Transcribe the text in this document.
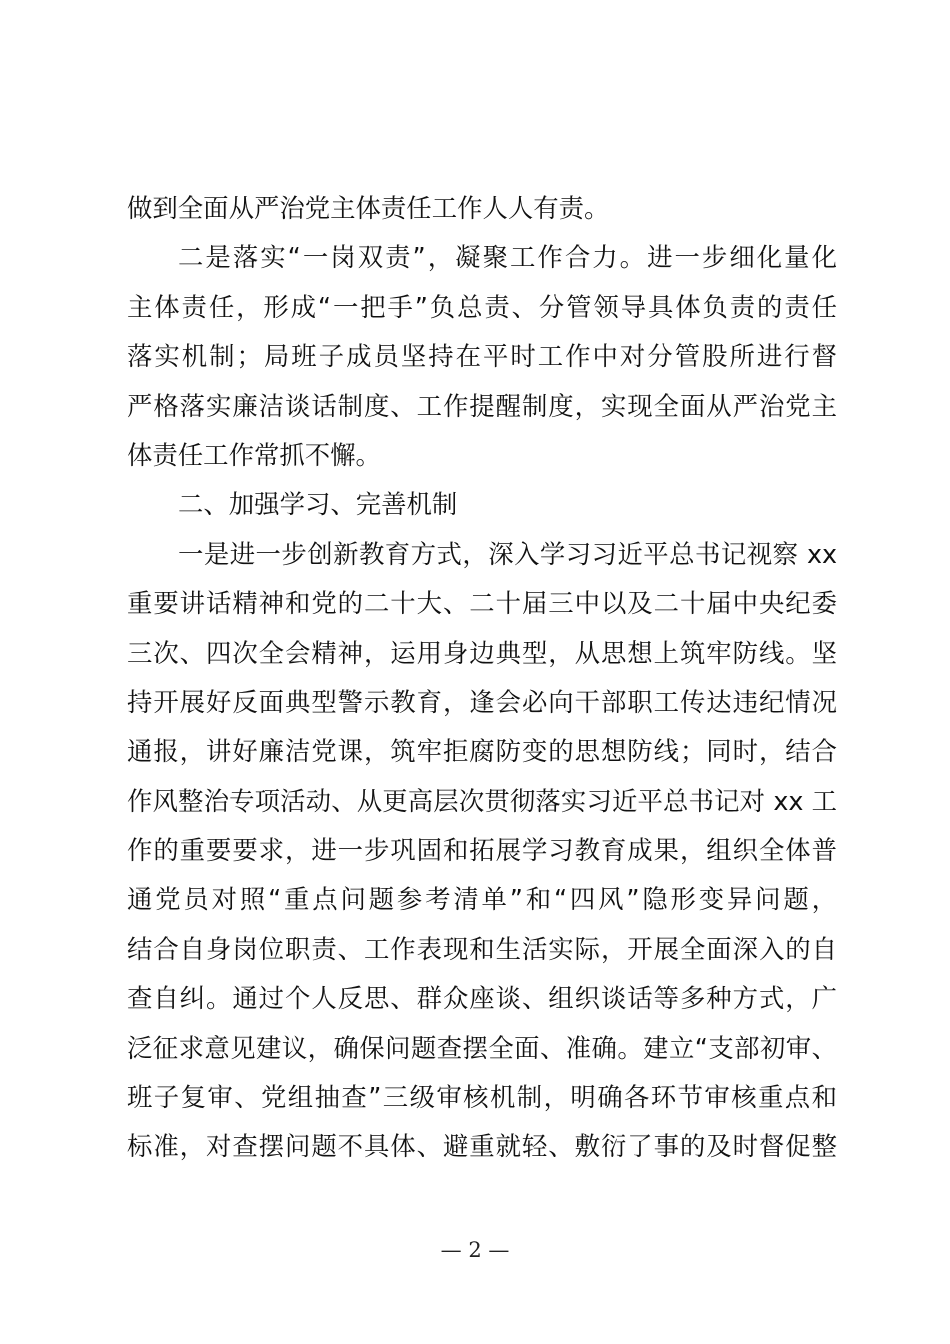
做到全面从严治党主体责任工作人人有责。
二是落实“一岗双责”，凝聚工作合力。进一步细化量化
主体责任，形成“一把手”负总责、分管领导具体负责的责任
落实机制；局班子成员坚持在平时工作中对分管股所进行督
严格落实廉洁谈话制度、工作提醒制度，实现全面从严治党主
体责任工作常抓不懈。
二、加强学习、完善机制
一是进一步创新教育方式，深入学习习近平总书记视察 xx
重要讲话精神和党的二十大、二十届三中以及二十届中央纪委
三次、四次全会精神，运用身边典型，从思想上筑牢防线。坚
持开展好反面典型警示教育，逢会必向干部职工传达违纪情况
通报，讲好廉洁党课，筑牢拒腐防变的思想防线；同时，结合
作风整治专项活动、从更高层次贯彻落实习近平总书记对 xx 工
作的重要要求，进一步巩固和拓展学习教育成果，组织全体普
通党员对照“重点问题参考清单”和“四风”隐形变异问题，
结合自身岗位职责、工作表现和生活实际，开展全面深入的自
查自纠。通过个人反思、群众座谈、组织谈话等多种方式，广
泛征求意见建议，确保问题查摆全面、准确。建立“支部初审、
班子复审、党组抽查”三级审核机制，明确各环节审核重点和
标准，对查摆问题不具体、避重就轻、敷衍了事的及时督促整
— 2 —
